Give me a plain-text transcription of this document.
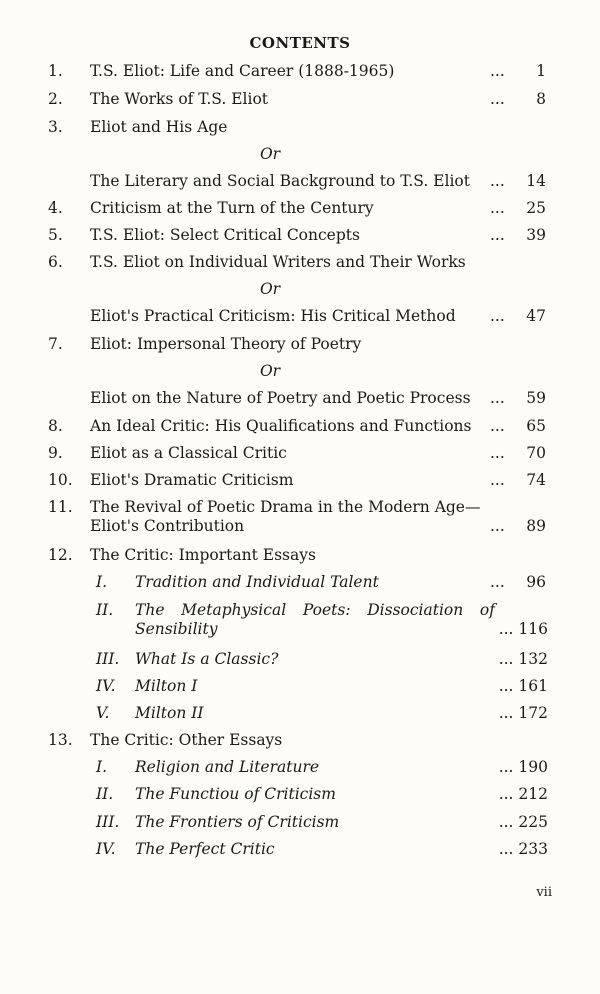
CONTENTS
1. T.S. Eliot: Life and Career (1888-1965)	... 1
2. The Works of T.S. Eliot	... 8
3. Eliot and His Age
Or
The Literary and Social Background to T.S. Eliot ... 14
4. Criticism at the Turn of the Century	... 25
5. T.S. Eliot: Select Critical Concepts	... 39
6. T.S. Eliot on Individual Writers and Their Works
Or
Eliot's Practical Criticism: His Critical Method ... 47
7. Eliot: Impersonal Theory of Poetry
Or
Eliot on the Nature of Poetry and Poetic Process ... 59
8. An Ideal Critic: His Qualifications and Functions ... 65
9. Eliot as a Classical Critic	... 70
10. Eliot's Dramatic Criticism	... 74
11. The Revival of Poetic Drama in the Modern Age— Eliot's Contribution	... 89
12. The Critic: Important Essays
I. Tradition and Individual Talent	... 96
II. The Metaphysical Poets: Dissociation of Sensibility	... 116
III. What Is a Classic?	... 132
IV. Milton I	... 161
V. Milton II	... 172
13. The Critic: Other Essays
I. Religion and Literature	... 190
II. The Functiou of Criticism	... 212
III. The Frontiers of Criticism	... 225
IV. The Perfect Critic	... 233
vii
